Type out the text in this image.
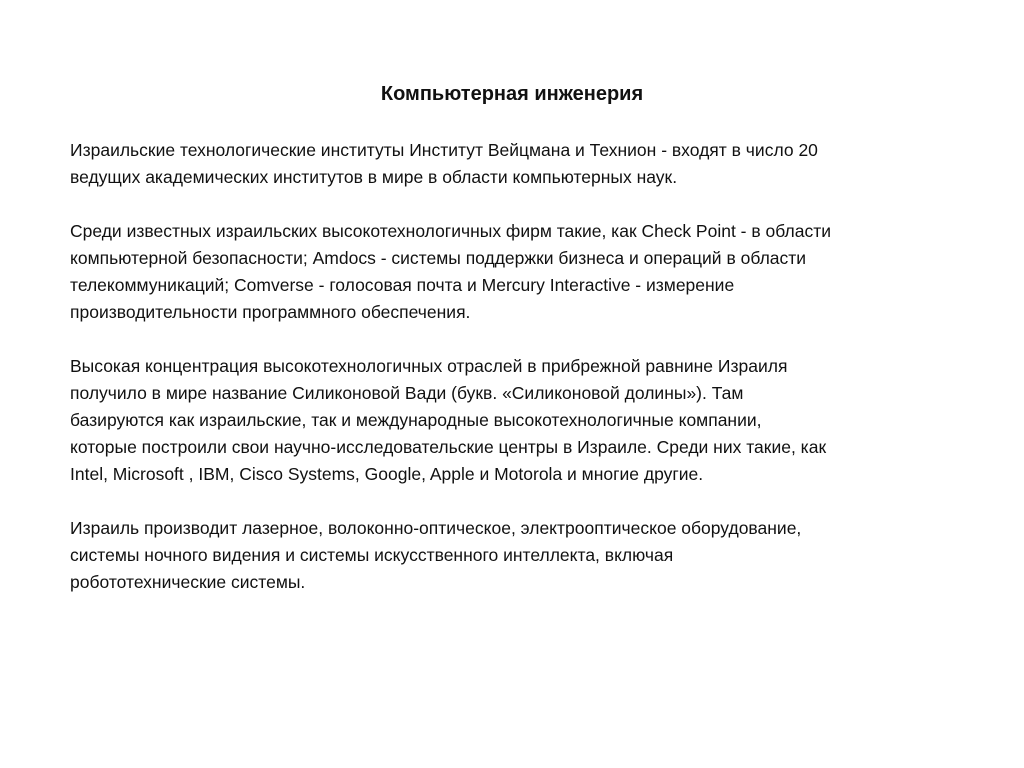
Компьютерная инженерия

Израильские технологические институты Институт Вейцмана и Технион - входят в число 20
ведущих академических институтов в мире в области компьютерных наук.

Среди известных израильских высокотехнологичных фирм такие, как Check Point - в области
компьютерной безопасности; Amdocs - системы поддержки бизнеса и операций в области
телекоммуникаций; Comverse - голосовая почта и Mercury Interactive - измерение
производительности программного обеспечения.

Высокая концентрация высокотехнологичных отраслей в прибрежной равнине Израиля
получило в мире название Силиконовой Вади (букв. «Силиконовой долины»). Там
базируются как израильские, так и международные высокотехнологичные компании,
которые построили свои научно-исследовательские центры в Израиле. Среди них такие, как
Intel, Microsoft , IBM, Cisco Systems, Google, Apple и Motorola и многие другие.

Израиль производит лазерное, волоконно-оптическое, электрооптическое оборудование,
системы ночного видения и системы искусственного интеллекта, включая
робототехнические системы.
